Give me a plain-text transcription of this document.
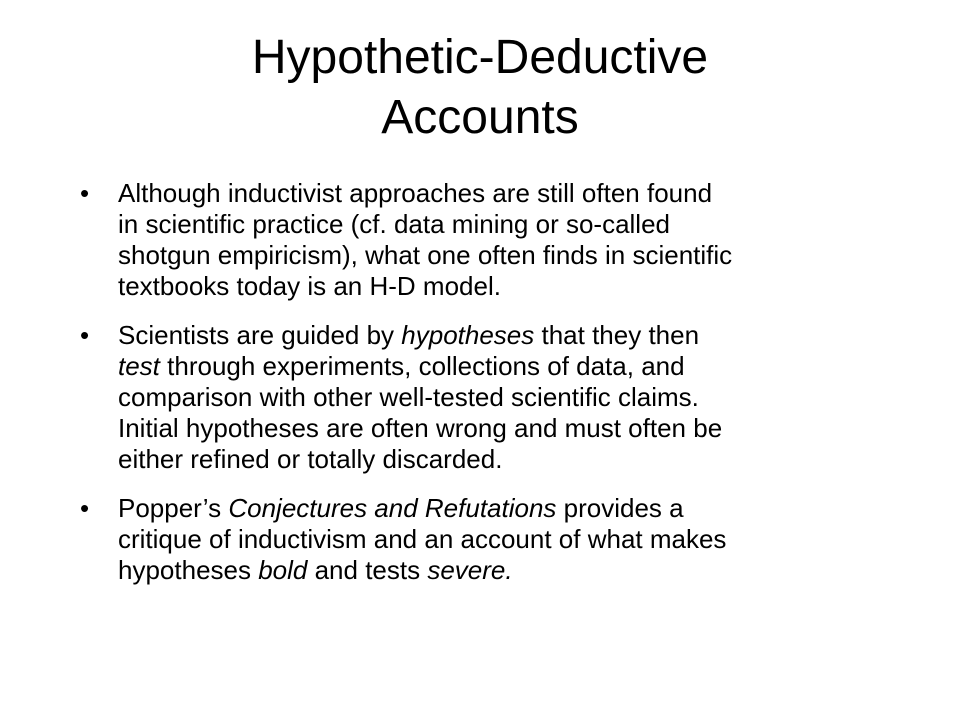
Hypothetic-Deductive
Accounts
•	Although inductivist approaches are still often found
in scientific practice (cf. data mining or so-called
shotgun empiricism), what one often finds in scientific
textbooks today is an H-D model.
•	Scientists are guided by hypotheses that they then
test through experiments, collections of data, and
comparison with other well-tested scientific claims.
Initial hypotheses are often wrong and must often be
either refined or totally discarded.
•	Popper’s Conjectures and Refutations provides a
critique of inductivism and an account of what makes
hypotheses bold and tests severe.
